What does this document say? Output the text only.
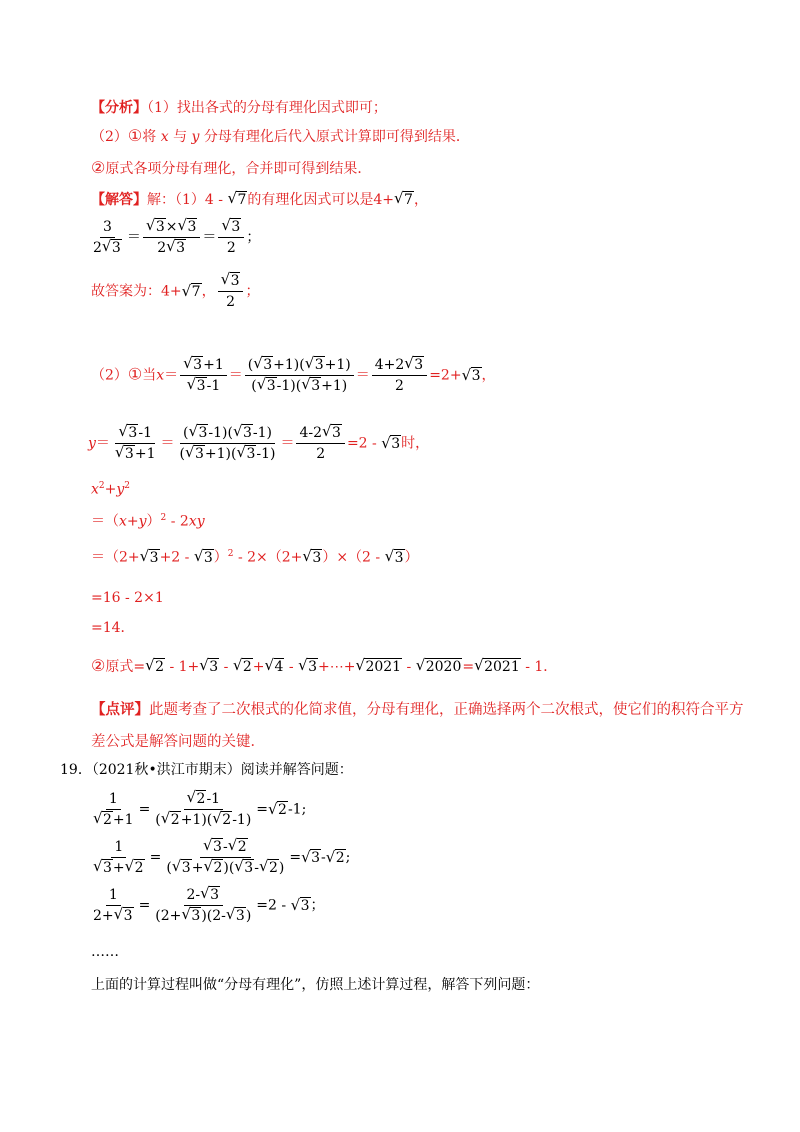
【分析】（1）找出各式的分母有理化因式即可；
（2）①将 x 与 y 分母有理化后代入原式计算即可得到结果．
②原式各项分母有理化，合并即可得到结果．
【解答】解：（1）4 - √ 7的有理化因式可以是4+ √ 7，
$\frac{3}{2 √ 3}$ ＝ √ $\frac{3\times √ 3}{2 √ 3}$ ＝ √ $\frac{3}{2}$ ；
故答案为：4+ √ 7， √ $\frac{3}{2}$ ；
（2）①当x＝ √ 3+1
√ $3-1 = \frac{( √ 3+1)( √ 3+1)}{( √ 3-1)( √ 3+1)} = \frac{4+2 √ 3}{2} =2+$ √ 3，
y＝ √ 3-1
√ $3+1 = \frac{( √ 3-1)( √ 3-1)}{( √ 3+1)( √ 3-1)} = \frac{4-2 √ 3}{2} =2$ - √ 3时，
$x^2+y^2$
$=(x+y)^2 - 2xy$
＝（2+ √ 3+2 - √ 3）$^2$ - 2×（2+ √ 3）×（2 - √ 3）
=16 - 2×1
=14．
②原式= √ 2 - 1+ √ 3 - √ 2+ √ 4 - √ 3+⋯+ √ 2021 - √ 2020= √ 2021 - 1．
【点评】此题考查了二次根式的化简求值，分母有理化，正确选择两个二次根式，使它们的积符合平方
差公式是解答问题的关键．
19．（2021秋•洪江市期末）阅读并解答问题：
1
√ 2+1 = √ $\frac{2-1}{( √ 2+1)( √ 2-1)}$ = √ 2-1;
1
√ 3+ √ 2 = √ $\frac{3- √ 2}{( √ 3+ √ 2)( √ 3- √ 2)}$ = √ 3- √ 2;
$\frac{1}{2+ √ 3} = \frac{2- √ 3}{(2+ √ 3)(2- √ 3)} =2$ - √ 3；
……
上面的计算过程叫做“分母有理化”，仿照上述计算过程，解答下列问题：
